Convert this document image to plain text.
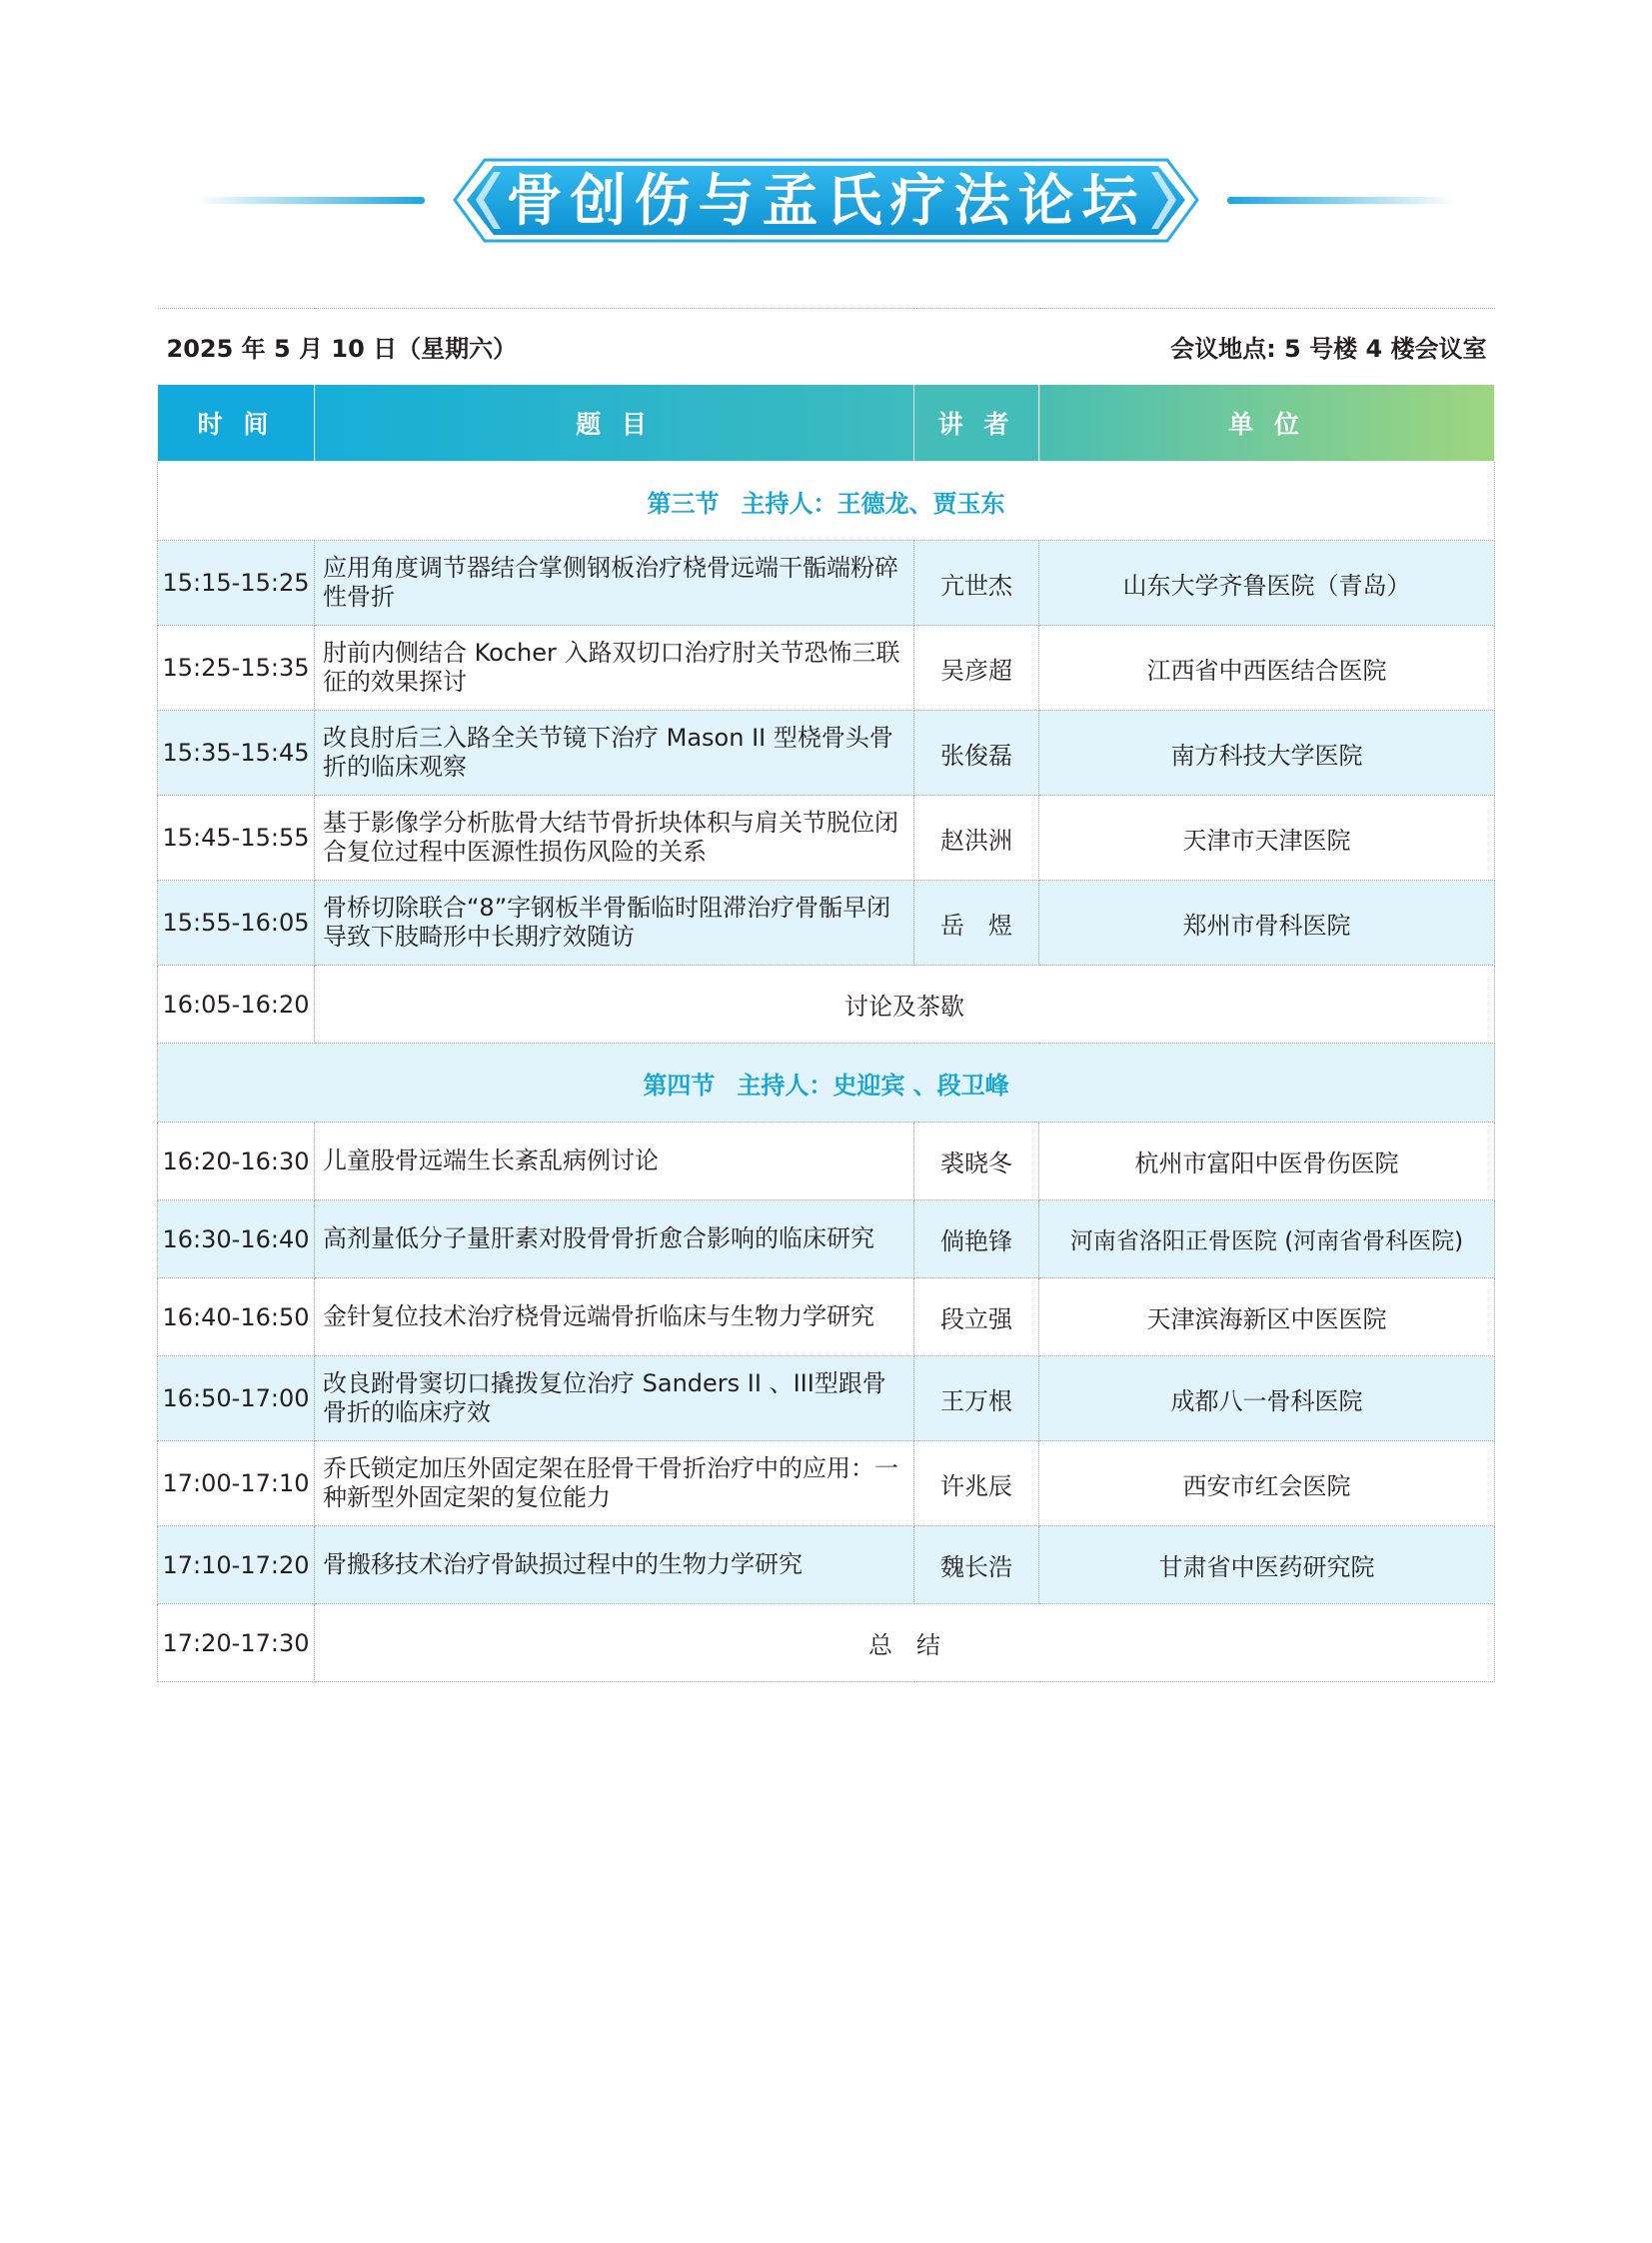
骨创伤与孟氏疗法论坛
2025 年 5 月 10 日（星期六）		会议地点: 5 号楼 4 楼会议室	
时 间	题 目	讲 者	单 位
第三节 主持人：王德龙、贾玉东			
15:15-15:25	应用角度调节器结合掌侧钢板治疗桡骨远端干骺端粉碎性骨折	亢世杰	山东大学齐鲁医院（青岛）
15:25-15:35	肘前内侧结合 Kocher 入路双切口治疗肘关节恐怖三联征的效果探讨	吴彦超	江西省中西医结合医院
15:35-15:45	改良肘后三入路全关节镜下治疗 Mason II 型桡骨头骨折的临床观察	张俊磊	南方科技大学医院
15:45-15:55	基于影像学分析肱骨大结节骨折块体积与肩关节脱位闭合复位过程中医源性损伤风险的关系	赵洪洲	天津市天津医院
15:55-16:05	骨桥切除联合“8”字钢板半骨骺临时阻滞治疗骨骺早闭导致下肢畸形中长期疗效随访	岳　煜	郑州市骨科医院
16:05-16:20	讨论及茶歇		
第四节 主持人：史迎宾 、段卫峰			
16:20-16:30	儿童股骨远端生长紊乱病例讨论	裘晓冬	杭州市富阳中医骨伤医院
16:30-16:40	高剂量低分子量肝素对股骨骨折愈合影响的临床研究	倘艳锋	河南省洛阳正骨医院 (河南省骨科医院)
16:40-16:50	金针复位技术治疗桡骨远端骨折临床与生物力学研究	段立强	天津滨海新区中医医院
16:50-17:00	改良跗骨窦切口撬拨复位治疗 Sanders II 、III型跟骨骨折的临床疗效	王万根	成都八一骨科医院
17:00-17:10	乔氏锁定加压外固定架在胫骨干骨折治疗中的应用：一种新型外固定架的复位能力	许兆辰	西安市红会医院
17:10-17:20	骨搬移技术治疗骨缺损过程中的生物力学研究	魏长浩	甘肃省中医药研究院
17:20-17:30	总　结		
